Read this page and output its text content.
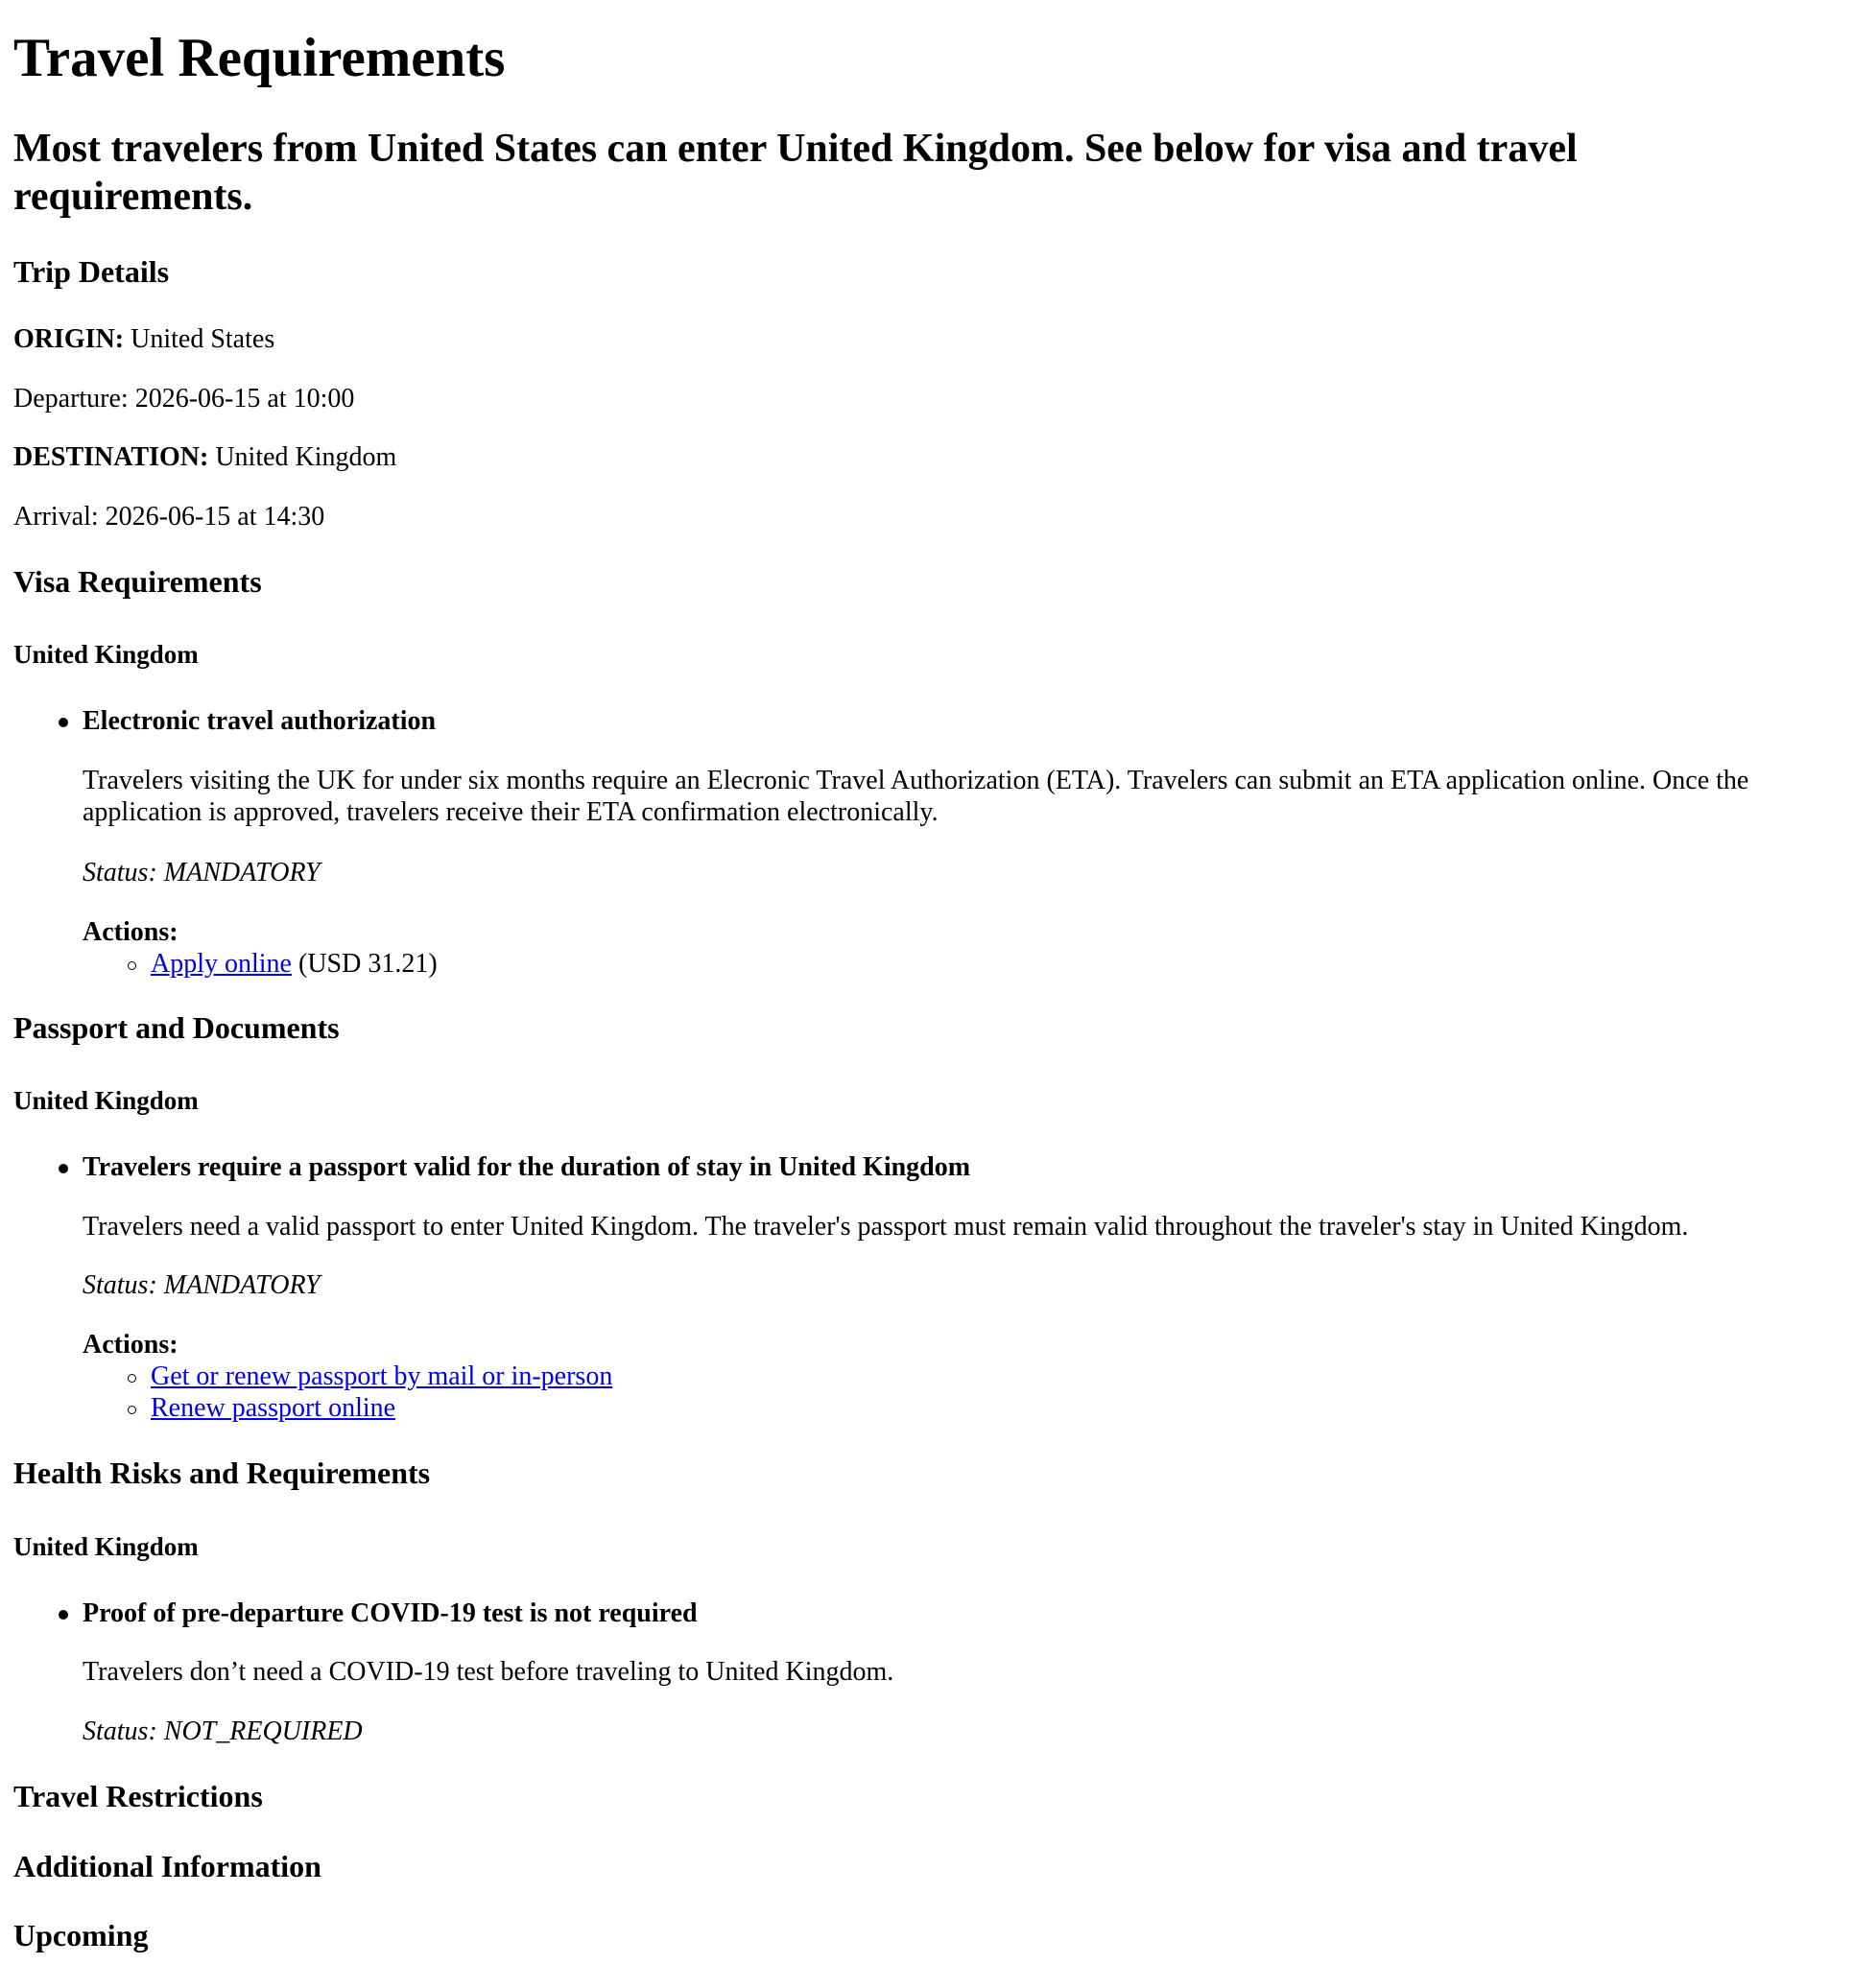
Travel Requirements
Most travelers from United States can enter United Kingdom. See below for visa and travel requirements.
Trip Details

ORIGIN: United States

Departure: 2026-06-15 at 10:00

DESTINATION: United Kingdom

Arrival: 2026-06-15 at 14:30

Visa Requirements
United Kingdom

Electronic travel authorization

Travelers visiting the UK for under six months require an Elecronic Travel Authorization (ETA). Travelers can submit an ETA application online. Once the application is approved, travelers receive their ETA confirmation electronically.

Status: MANDATORY

Actions:

Apply online (USD 31.21)

Passport and Documents
United Kingdom

Travelers require a passport valid for the duration of stay in United Kingdom

Travelers need a valid passport to enter United Kingdom. The traveler's passport must remain valid throughout the traveler's stay in United Kingdom.

Status: MANDATORY

Actions:

Get or renew passport by mail or in-person

Renew passport online

Health Risks and Requirements
United Kingdom

Proof of pre-departure COVID-19 test is not required

Travelers don’t need a COVID-19 test before traveling to United Kingdom.

Status: NOT_REQUIRED

Travel Restrictions
Additional Information
Upcoming
